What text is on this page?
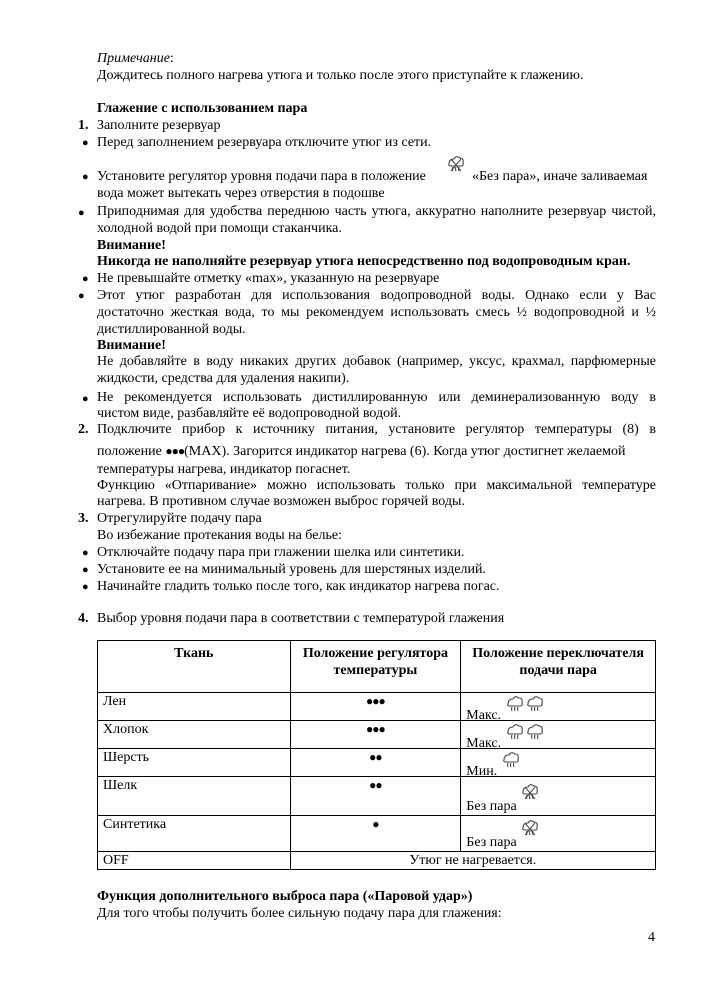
Примечание:
Дождитесь полного нагрева утюга и только после этого приступайте к глажению.
Глажение с использованием пара
1. Заполните резервуар
● Перед заполнением резервуара отключите утюг из сети.
● Установите регулятор уровня подачи пара в положение	«Без пара», иначе заливаемая
вода может вытекать через отверстия в подошве
● Приподнимая для удобства переднюю часть утюга, аккуратно наполните резервуар чистой,
холодной водой при помощи стаканчика.
Внимание!
Никогда не наполняйте резервуар утюга непосредственно под водопроводным кран.
● Не превышайте отметку «max», указанную на резервуаре
● Этот утюг разработан для использования водопроводной воды. Однако если у Вас
достаточно жесткая вода, то мы рекомендуем использовать смесь ½ водопроводной и ½
дистиллированной воды.
Внимание!
Не добавляйте в воду никаких других добавок (например, уксус, крахмал, парфюмерные
жидкости, средства для удаления накипи).
● Не рекомендуется использовать дистиллированную или деминерализованную воду в
чистом виде, разбавляйте её водопроводной водой.
2. Подключите прибор к источнику питания, установите регулятор температуры (8) в
положение ●●●(MAX). Загорится индикатор нагрева (6). Когда утюг достигнет желаемой
температуры нагрева, индикатор погаснет.
Функцию «Отпаривание» можно использовать только при максимальной температуре
нагрева. В противном случае возможен выброс горячей воды.
3. Отрегулируйте подачу пара
Во избежание протекания воды на белье:
● Отключайте подачу пара при глажении шелка или синтетики.
● Установите ее на минимальный уровень для шерстяных изделий.
● Начинайте гладить только после того, как индикатор нагрева погас.
4. Выбор уровня подачи пара в соответствии с температурой глажения
Ткань	Положение регулятора температуры	Положение переключателя подачи пара
Лен	●●●	Макс.
Хлопок	●●●	Макс.
Шерсть	●●	Мин.
Шелк	●●	Без пара
Синтетика	●	Без пара
OFF	Утюг не нагревается.	
Функция дополнительного выброса пара («Паровой удар»)
Для того чтобы получить более сильную подачу пара для глажения:
4
